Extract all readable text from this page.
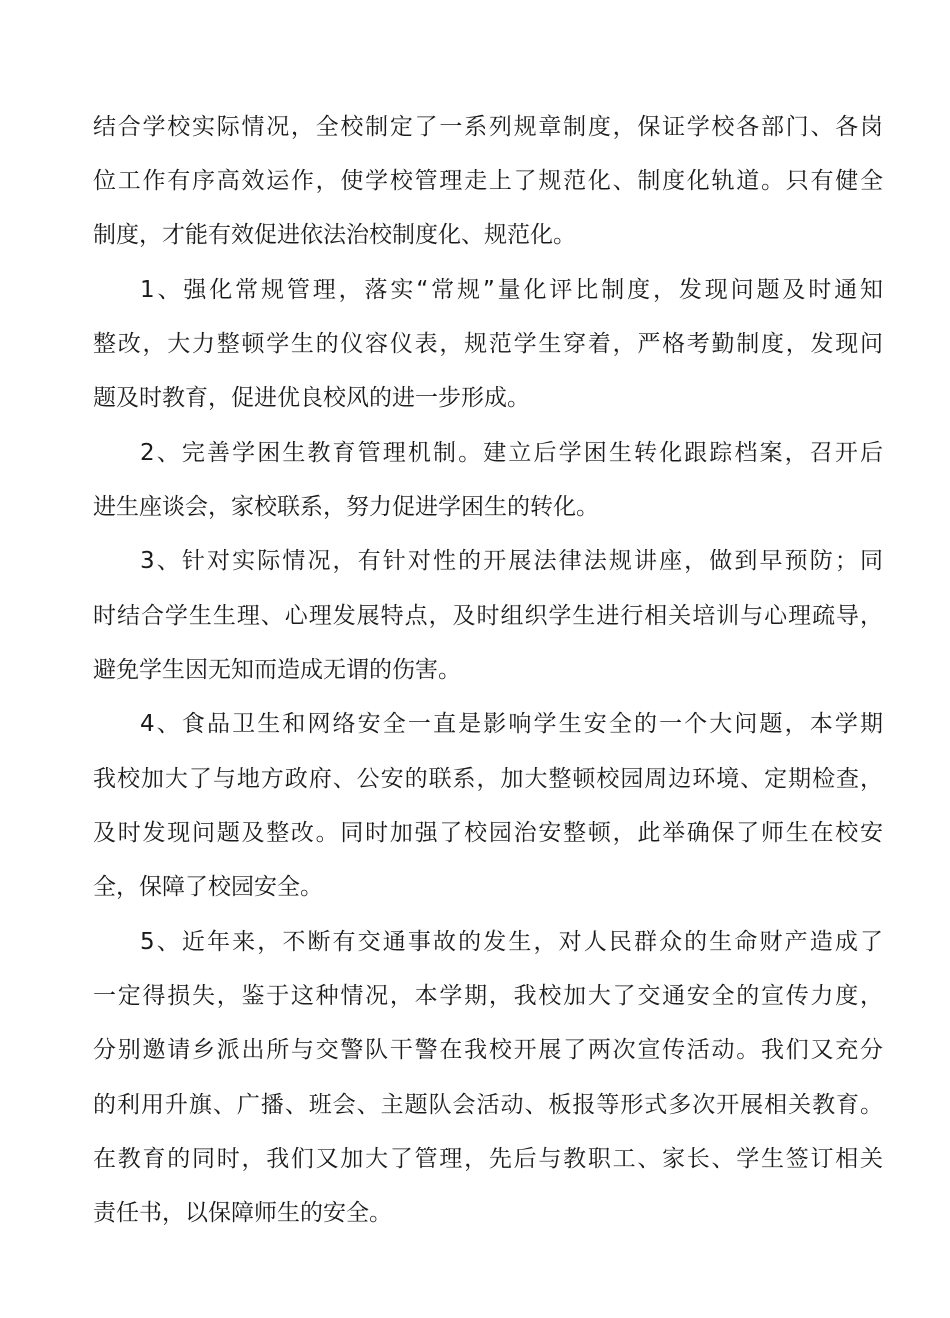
结合学校实际情况，全校制定了一系列规章制度，保证学校各部门、各岗

位工作有序高效运作，使学校管理走上了规范化、制度化轨道。只有健全

制度，才能有效促进依法治校制度化、规范化。

1、强化常规管理，落实“常规”量化评比制度，发现问题及时通知

整改，大力整顿学生的仪容仪表，规范学生穿着，严格考勤制度，发现问

题及时教育，促进优良校风的进一步形成。

2、完善学困生教育管理机制。建立后学困生转化跟踪档案，召开后

进生座谈会，家校联系，努力促进学困生的转化。

3、针对实际情况，有针对性的开展法律法规讲座，做到早预防；同

时结合学生生理、心理发展特点，及时组织学生进行相关培训与心理疏导，

避免学生因无知而造成无谓的伤害。

4、食品卫生和网络安全一直是影响学生安全的一个大问题，本学期

我校加大了与地方政府、公安的联系，加大整顿校园周边环境、定期检查，

及时发现问题及整改。同时加强了校园治安整顿，此举确保了师生在校安

全，保障了校园安全。

5、近年来，不断有交通事故的发生，对人民群众的生命财产造成了

一定得损失，鉴于这种情况，本学期，我校加大了交通安全的宣传力度，

分别邀请乡派出所与交警队干警在我校开展了两次宣传活动。我们又充分

的利用升旗、广播、班会、主题队会活动、板报等形式多次开展相关教育。

在教育的同时，我们又加大了管理，先后与教职工、家长、学生签订相关

责任书，以保障师生的安全。
